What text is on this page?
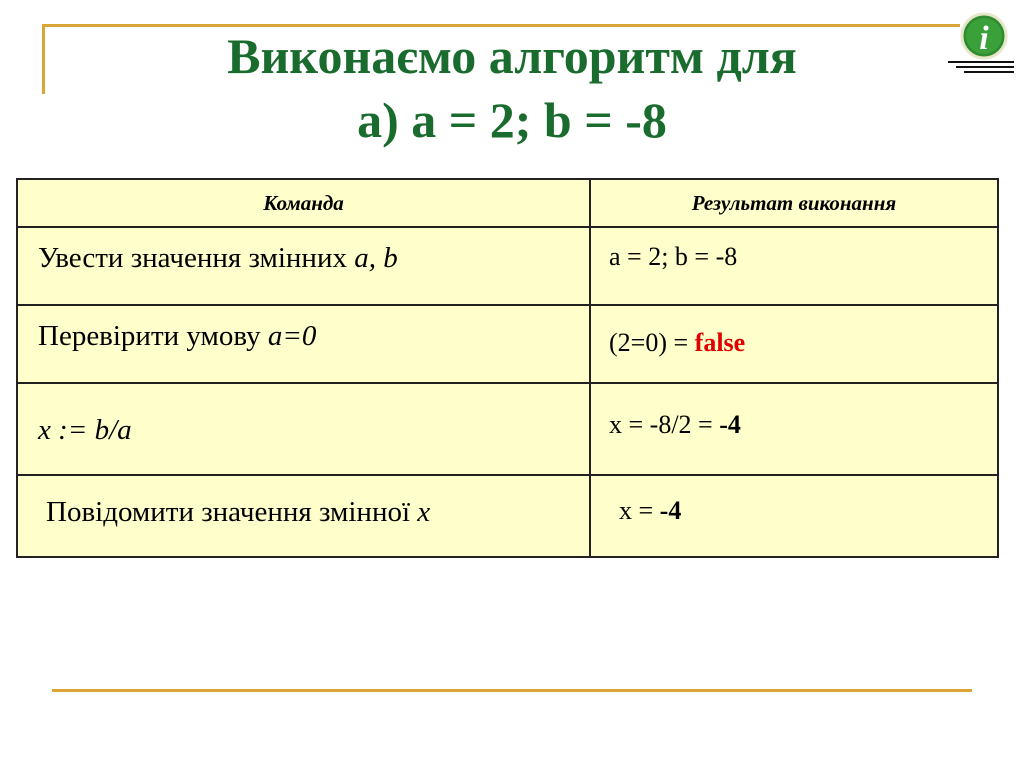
i
Виконаємо алгоритм для
а) a = 2; b = -8
Команда	Результат виконання

Увести значення змінних a, b	a = 2; b = -8

Перевірити умову a=0	(2=0) = false

x := b/a	x = -8/2 = -4

Повідомити значення змінної x	x = -4
